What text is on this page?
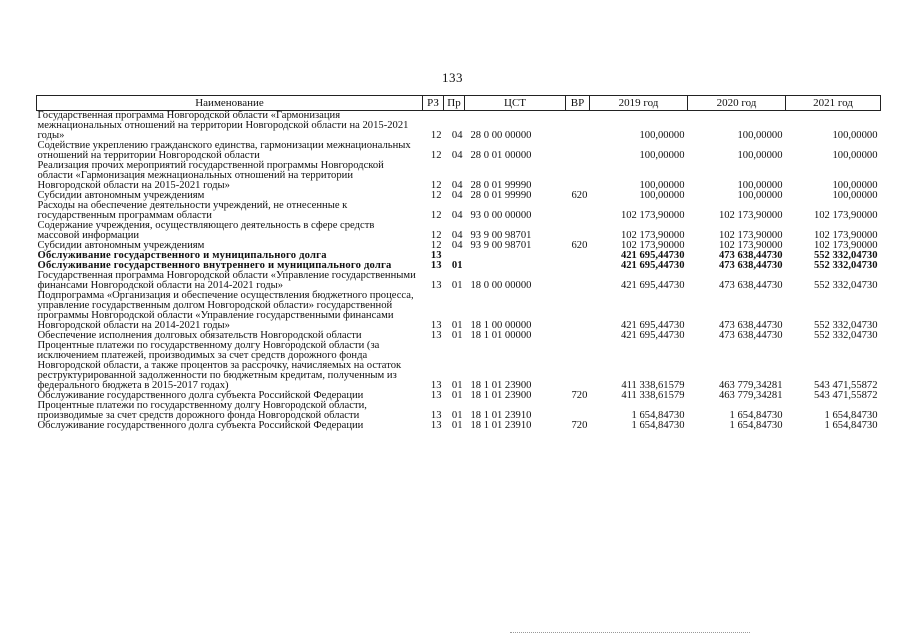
133
Наименование	РЗ	Пр	ЦСТ	ВР	2019 год	2020 год	2021 год
Государственная программа Новгородской области «Гармонизация межнациональных отношений на территории Новгородской области на 2015-2021 годы»	12	04	28 0 00 00000		100,00000	100,00000	100,00000
Содействие укреплению гражданского единства, гармонизации межнациональных отношений на территории Новгородской области	12	04	28 0 01 00000		100,00000	100,00000	100,00000
Реализация прочих мероприятий государственной программы Новгородской области «Гармонизация межнациональных отношений на территории Новгородской области на 2015-2021 годы»	12	04	28 0 01 99990		100,00000	100,00000	100,00000
Субсидии автономным учреждениям	12	04	28 0 01 99990	620	100,00000	100,00000	100,00000
Расходы на обеспечение деятельности учреждений, не отнесенные к государственным программам области	12	04	93 0 00 00000		102 173,90000	102 173,90000	102 173,90000
Содержание учреждения, осуществляющего деятельность в сфере средств массовой информации	12	04	93 9 00 98701		102 173,90000	102 173,90000	102 173,90000
Субсидии автономным учреждениям	12	04	93 9 00 98701	620	102 173,90000	102 173,90000	102 173,90000
Обслуживание государственного и муниципального долга	13				421 695,44730	473 638,44730	552 332,04730
Обслуживание государственного внутреннего и муниципального долга	13	01			421 695,44730	473 638,44730	552 332,04730
Государственная программа Новгородской области «Управление государственными финансами Новгородской области на 2014-2021 годы»	13	01	18 0 00 00000		421 695,44730	473 638,44730	552 332,04730
Подпрограмма «Организация и обеспечение осуществления бюджетного процесса, управление государственным долгом Новгородской области» государственной программы Новгородской области «Управление государственными финансами Новгородской области на 2014-2021 годы»	13	01	18 1 00 00000		421 695,44730	473 638,44730	552 332,04730
Обеспечение исполнения долговых обязательств Новгородской области	13	01	18 1 01 00000		421 695,44730	473 638,44730	552 332,04730
Процентные платежи по государственному долгу Новгородской области (за исключением платежей, производимых за счет средств дорожного фонда Новгородской области, а также процентов за рассрочку, начисляемых на остаток реструктурированной задолженности по бюджетным кредитам, полученным из федерального бюджета в 2015-2017 годах)	13	01	18 1 01 23900		411 338,61579	463 779,34281	543 471,55872
Обслуживание государственного долга субъекта Российской Федерации	13	01	18 1 01 23900	720	411 338,61579	463 779,34281	543 471,55872
Процентные платежи по государственному долгу Новгородской области, производимые за счет средств дорожного фонда Новгородской области	13	01	18 1 01 23910		1 654,84730	1 654,84730	1 654,84730
Обслуживание государственного долга субъекта Российской Федерации	13	01	18 1 01 23910	720	1 654,84730	1 654,84730	1 654,84730
